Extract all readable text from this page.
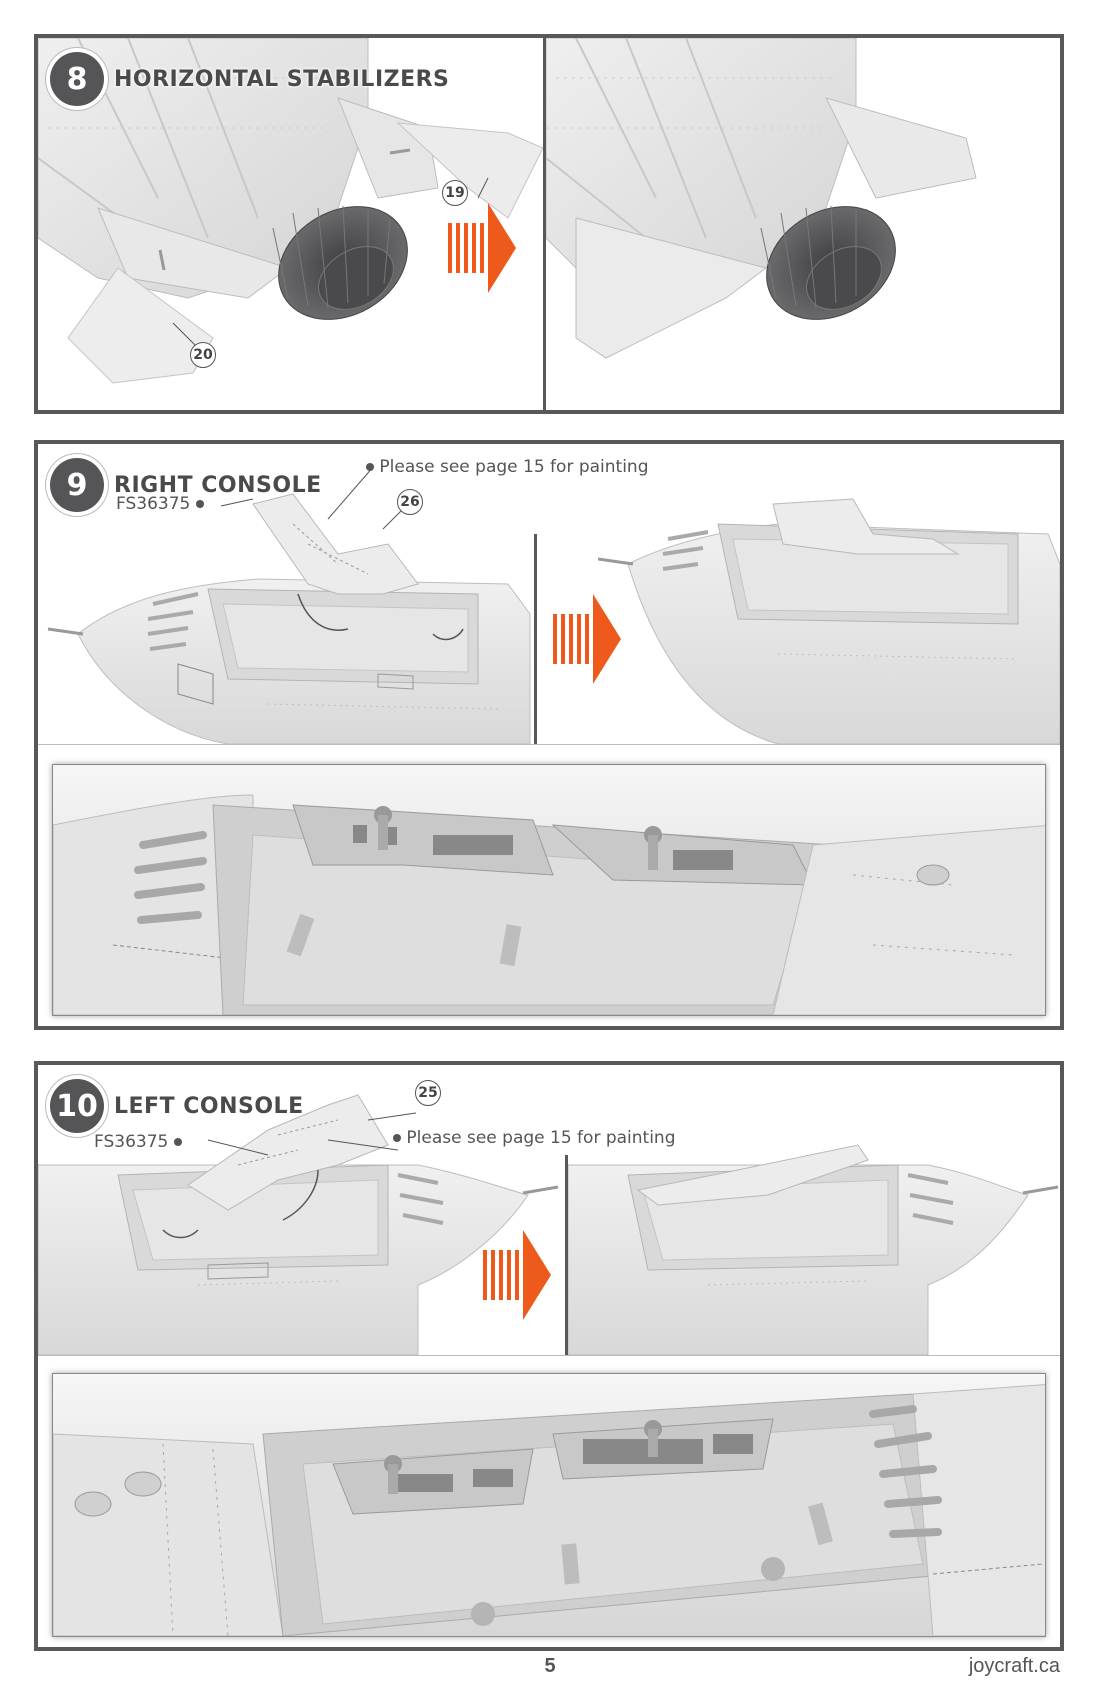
8	HORIZONTAL STABILIZERS
19
20
9	RIGHT CONSOLE
FS36375
Please see page 15 for painting
26
10 LEFT CONSOLE
25
Please see page 15 for painting
FS36375
5	joycraft.ca
